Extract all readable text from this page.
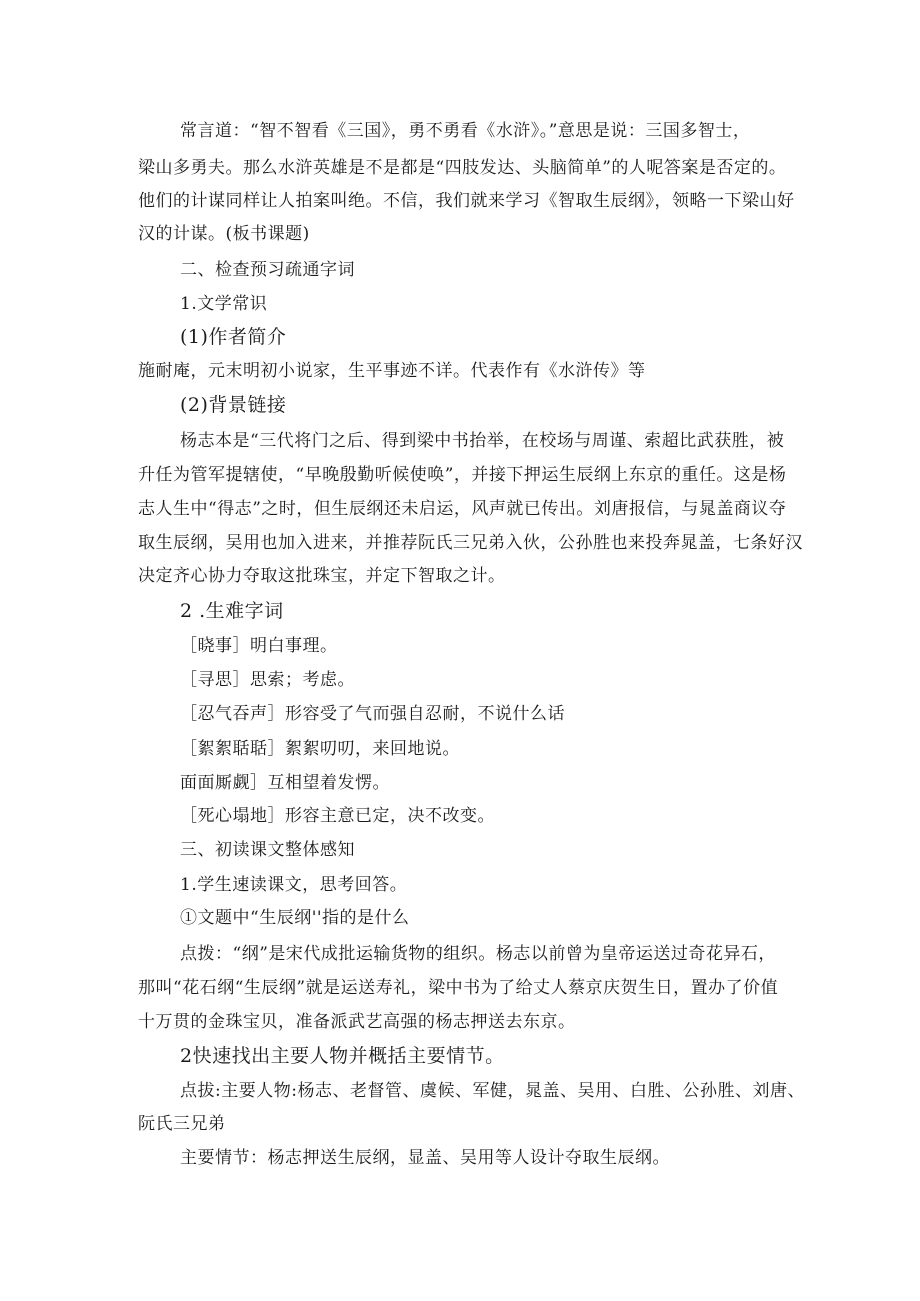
常言道：“智不智看《三国》，勇不勇看《水浒》。”意思是说：三国多智士，
梁山多勇夫。那么水浒英雄是不是都是“四肢发达、头脑简单”的人呢答案是否定的。
他们的计谋同样让人拍案叫绝。不信，我们就来学习《智取生辰纲》，领略一下梁山好
汉的计谋。(板书课题)
二、检查预习疏通字词
1.文学常识
(1)作者简介
施耐庵，元末明初小说家，生平事迹不详。代表作有《水浒传》等
(2)背景链接
杨志本是“三代将门之后、得到梁中书抬举，在校场与周谨、索超比武获胜，被
升任为管军提辖使，“早晚殷勤听候使唤”，并接下押运生辰纲上东京的重任。这是杨
志人生中“得志”之时，但生辰纲还未启运，风声就已传出。刘唐报信，与晁盖商议夺
取生辰纲，吴用也加入进来，并推荐阮氏三兄弟入伙，公孙胜也来投奔晁盖，七条好汉
决定齐心协力夺取这批珠宝，并定下智取之计。
2 .生难字词
［晓事］明白事理。
［寻思］思索；考虑。
［忍气吞声］形容受了气而强自忍耐，不说什么话
［絮絮聒聒］絮絮叨叨，来回地说。
面面厮觑］互相望着发愣。
［死心塌地］形容主意已定，决不改变。
三、初读课文整体感知
1.学生速读课文，思考回答。
①文题中“生辰纲''指的是什么
点拨：“纲”是宋代成批运输货物的组织。杨志以前曾为皇帝运送过奇花异石，
那叫“花石纲“生辰纲”就是运送寿礼，梁中书为了给丈人蔡京庆贺生日，置办了价值
十万贯的金珠宝贝，准备派武艺高强的杨志押送去东京。
2快速找出主要人物并概括主要情节。
点拔:主要人物:杨志、老督管、虞候、军健，晁盖、吴用、白胜、公孙胜、刘唐、
阮氏三兄弟
主要情节：杨志押送生辰纲，显盖、吴用等人设计夺取生辰纲。
